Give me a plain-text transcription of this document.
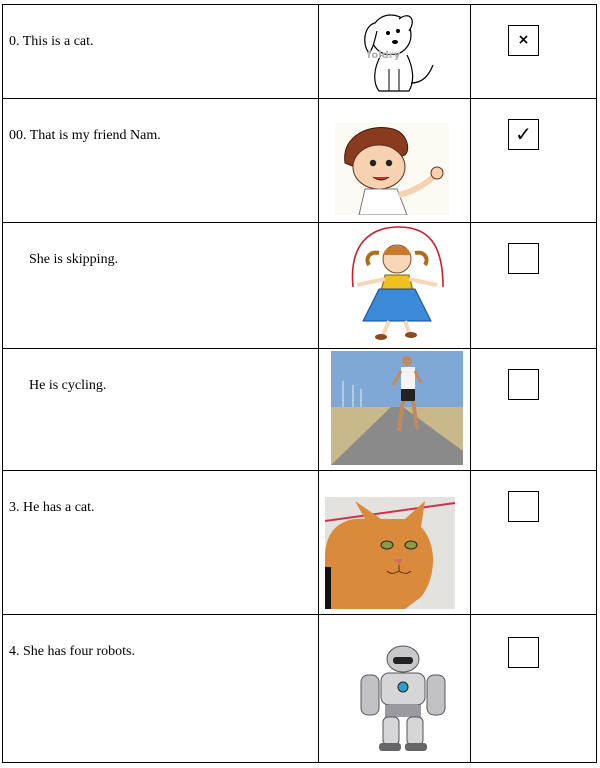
0. This is a cat.	foldry	×

00. That is my friend Nam.		✓

She is skipping.

He is cycling.

3. He has a cat.

4. She has four robots.
